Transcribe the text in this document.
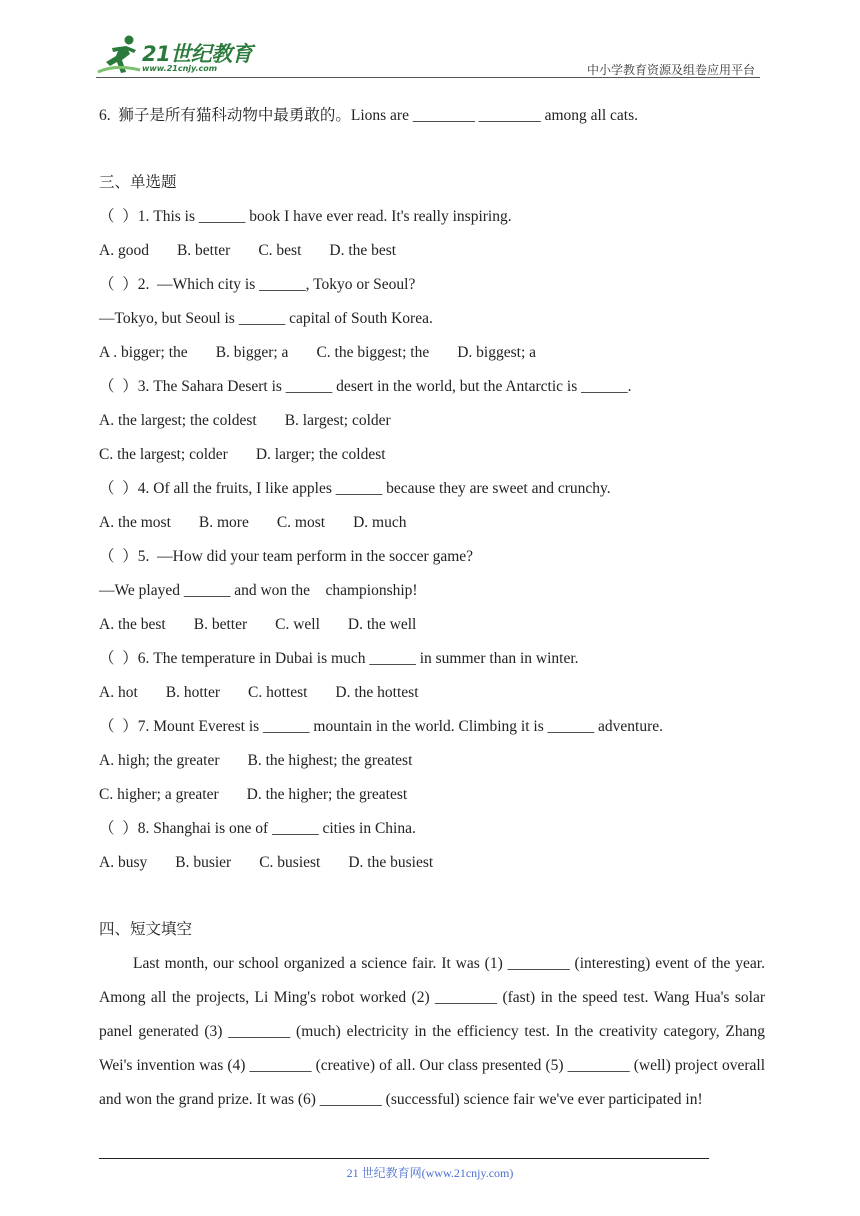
21世纪教育
www.21cnjy.com	中小学教育资源及组卷应用平台
6.  狮子是所有猫科动物中最勇敢的。Lions are ________ ________ among all cats.
三、单选题
（  ）1. This is ______ book I have ever read. It's really inspiring.
A. good B. better C. best D. the best
（  ）2.  —Which city is ______, Tokyo or Seoul?
—Tokyo, but Seoul is ______ capital of South Korea.
A . bigger; the B. bigger; a C. the biggest; the D. biggest; a
（  ）3. The Sahara Desert is ______ desert in the world, but the Antarctic is ______.
A. the largest; the coldest B. largest; colder
C. the largest; colder D. larger; the coldest
（  ）4. Of all the fruits, I like apples ______ because they are sweet and crunchy.
A. the most B. more C. most D. much
（  ）5.  —How did your team perform in the soccer game?
—We played ______ and won the    championship!
A. the best B. better C. well D. the well
（  ）6. The temperature in Dubai is much ______ in summer than in winter.
A. hot B. hotter C. hottest D. the hottest
（  ）7. Mount Everest is ______ mountain in the world. Climbing it is ______ adventure.
A. high; the greater B. the highest; the greatest
C. higher; a greater D. the higher; the greatest
（  ）8. Shanghai is one of ______ cities in China.
A. busy B. busier C. busiest D. the busiest
四、短文填空
Last month, our school organized a science fair. It was (1) ________ (interesting) event of the year. Among all the projects, Li Ming's robot worked (2) ________ (fast) in the speed test. Wang Hua's solar panel generated (3) ________ (much) electricity in the efficiency test. In the creativity category, Zhang Wei's invention was (4) ________ (creative) of all. Our class presented (5) ________ (well) project overall and won the grand prize. It was (6) ________ (successful) science fair we've ever participated in!
21 世纪教育网(www.21cnjy.com)
